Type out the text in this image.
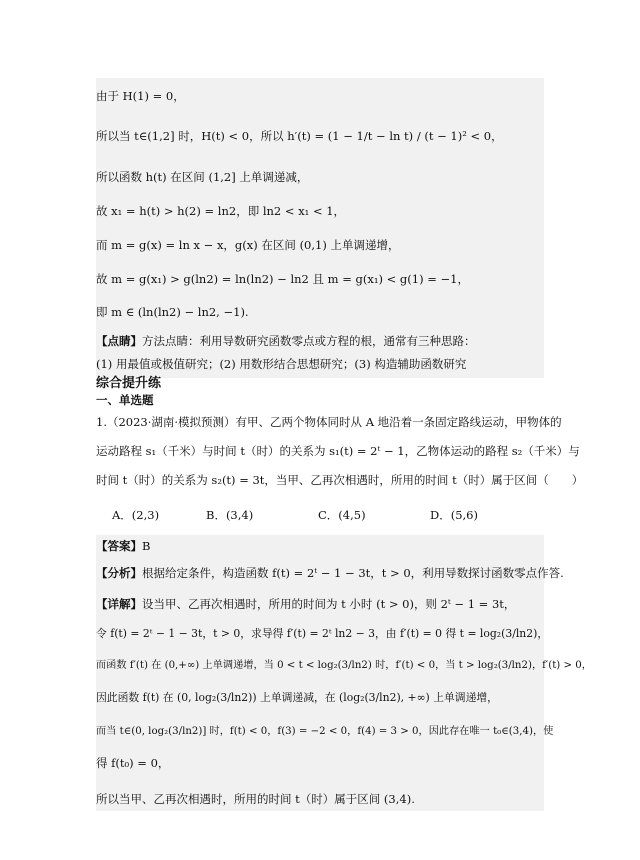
由于 H(1) = 0，
所以当 t∈(1,2] 时，H(t) < 0，所以 h′(t) = (1 − 1/t − ln t) / (t − 1)² < 0，
所以函数 h(t) 在区间 (1,2] 上单调递减，
故 x₁ = h(t) > h(2) = ln2，即 ln2 < x₁ < 1，
而 m = g(x) = ln x − x，g(x) 在区间 (0,1) 上单调递增，
故 m = g(x₁) > g(ln2) = ln(ln2) − ln2 且 m = g(x₁) < g(1) = −1，
即 m ∈ (ln(ln2) − ln2, −1).
【点睛】方法点睛：利用导数研究函数零点或方程的根，通常有三种思路：
(1) 用最值或极值研究；(2) 用数形结合思想研究；(3) 构造辅助函数研究
综合提升练
一、单选题
1.（2023·湖南·模拟预测）有甲、乙两个物体同时从 A 地沿着一条固定路线运动，甲物体的
运动路程 s₁（千米）与时间 t（时）的关系为 s₁(t) = 2ᵗ − 1，乙物体运动的路程 s₂（千米）与
时间 t（时）的关系为 s₂(t) = 3t，当甲、乙再次相遇时，所用的时间 t（时）属于区间（　　）
A．(2,3)	B．(3,4)	C．(4,5)	D．(5,6)
【答案】B
【分析】根据给定条件，构造函数 f(t) = 2ᵗ − 1 − 3t，t > 0，利用导数探讨函数零点作答.
【详解】设当甲、乙再次相遇时，所用的时间为 t 小时 (t > 0)，则 2ᵗ − 1 = 3t，
令 f(t) = 2ᵗ − 1 − 3t，t > 0，求导得 f′(t) = 2ᵗ ln2 − 3，由 f′(t) = 0 得 t = log₂(3/ln2)，
而函数 f′(t) 在 (0,+∞) 上单调递增，当 0 < t < log₂(3/ln2) 时，f′(t) < 0，当 t > log₂(3/ln2)，f′(t) > 0，
因此函数 f(t) 在 (0, log₂(3/ln2)) 上单调递减，在 (log₂(3/ln2), +∞) 上单调递增，
而当 t∈(0, log₂(3/ln2)] 时，f(t) < 0，f(3) = −2 < 0，f(4) = 3 > 0，因此存在唯一 t₀∈(3,4)，使
得 f(t₀) = 0，
所以当甲、乙再次相遇时，所用的时间 t（时）属于区间 (3,4).
